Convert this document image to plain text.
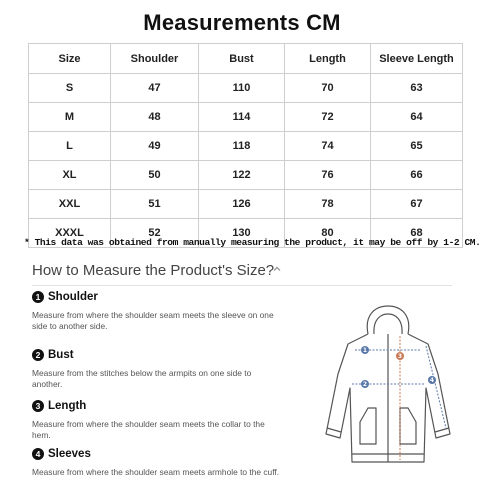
Measurements CM
Size	Shoulder	Bust	Length	Sleeve Length
S	47	110	70	63
M	48	114	72	64
L	49	118	74	65
XL	50	122	76	66
XXL	51	126	78	67
XXXL	52	130	80	68
* This data was obtained from manually measuring the product, it may be off by 1-2 CM.
How to Measure the Product's Size?
1 Shoulder
Measure from where the shoulder seam meets the sleeve on one side to another side.
2 Bust
Measure from the stitches below the armpits on one side to another.
3 Length
Measure from where the shoulder seam meets the collar to the hem.
4 Sleeves
Measure from where the shoulder seam meets armhole to the cuff.
1
2
3
4
